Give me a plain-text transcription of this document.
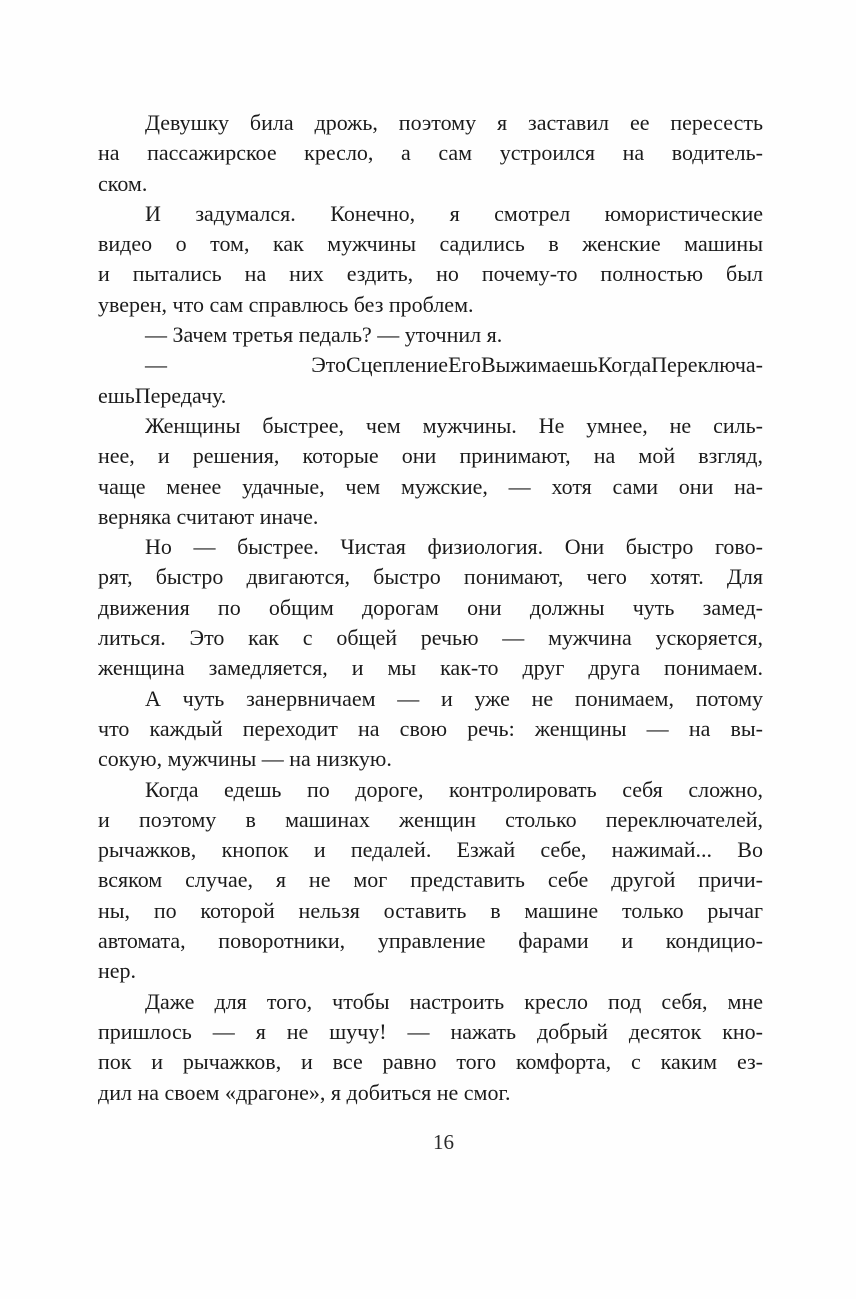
Девушку била дрожь, поэтому я заставил ее пересесть
на пассажирское кресло, а сам устроился на водитель-
ском.
И задумался. Конечно, я смотрел юмористические
видео о том, как мужчины садились в женские машины
и пытались на них ездить, но почему-то полностью был
уверен, что сам справлюсь без проблем.
— Зачем третья педаль? — уточнил я.
— ЭтоСцеплениеЕгоВыжимаешьКогдаПереключа-
ешьПередачу.
Женщины быстрее, чем мужчины. Не умнее, не силь-
нее, и решения, которые они принимают, на мой взгляд,
чаще менее удачные, чем мужские, — хотя сами они на-
верняка считают иначе.
Но — быстрее. Чистая физиология. Они быстро гово-
рят, быстро двигаются, быстро понимают, чего хотят. Для
движения по общим дорогам они должны чуть замед-
литься. Это как с общей речью — мужчина ускоряется,
женщина замедляется, и мы как-то друг друга понимаем.
А чуть занервничаем — и уже не понимаем, потому
что каждый переходит на свою речь: женщины — на вы-
сокую, мужчины — на низкую.
Когда едешь по дороге, контролировать себя сложно,
и поэтому в машинах женщин столько переключателей,
рычажков, кнопок и педалей. Езжай себе, нажимай... Во
всяком случае, я не мог представить себе другой причи-
ны, по которой нельзя оставить в машине только рычаг
автомата, поворотники, управление фарами и кондицио-
нер.
Даже для того, чтобы настроить кресло под себя, мне
пришлось — я не шучу! — нажать добрый десяток кно-
пок и рычажков, и все равно того комфорта, с каким ез-
дил на своем «драгоне», я добиться не смог.
16
